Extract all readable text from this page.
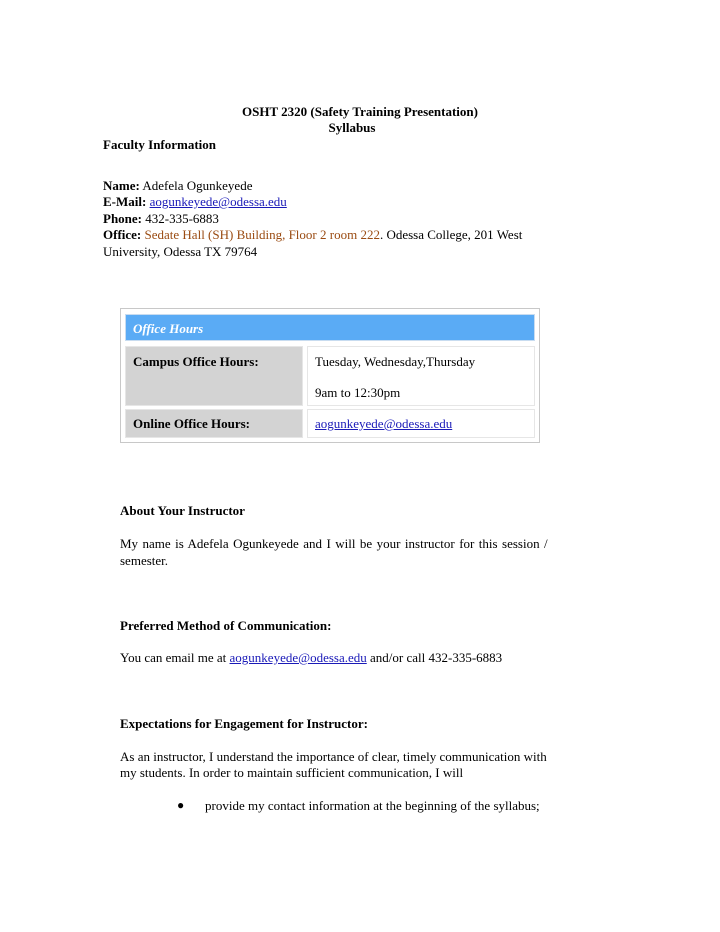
OSHT 2320 (Safety Training Presentation)
Syllabus
Faculty Information
Name: Adefela Ogunkeyede
E-Mail: aogunkeyede@odessa.edu
Phone: 432-335-6883
Office: Sedate Hall (SH) Building, Floor 2 room 222. Odessa College, 201 West
University, Odessa TX 79764
Office Hours
Campus Office Hours:	Tuesday, Wednesday,Thursday
9am to 12:30pm
Online Office Hours:	aogunkeyede@odessa.edu
About Your Instructor
My name is Adefela Ogunkeyede and I will be your instructor for this session /
semester.
Preferred Method of Communication:
You can email me at aogunkeyede@odessa.edu and/or call 432-335-6883
Expectations for Engagement for Instructor:
As an instructor, I understand the importance of clear, timely communication with
my students. In order to maintain sufficient communication, I will
● provide my contact information at the beginning of the syllabus;
